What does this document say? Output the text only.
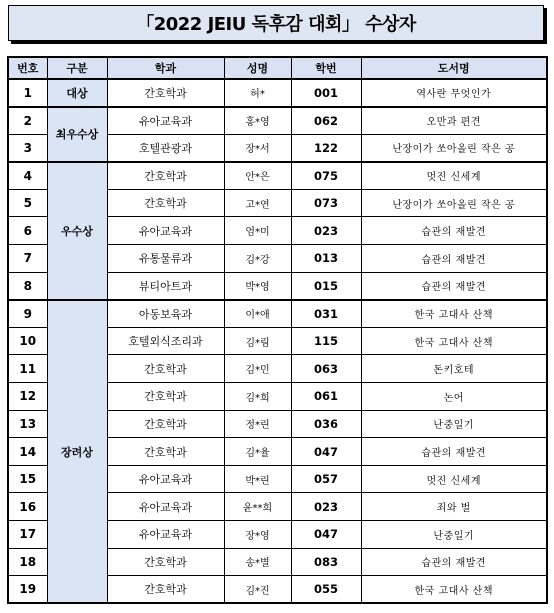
「2022 JEIU 독후감 대회」 수상자
번호	구분	학과	성명	학번	도서명
1	대상	간호학과	허*	001	역사란 무엇인가
2	최우수상	유아교육과	홍*영	062	오만과 편견
3		호텔관광과	장*서	122	난장이가 쏘아올린 작은 공
4	우수상	간호학과	안*은	075	멋진 신세계
5		간호학과	고*연	073	난장이가 쏘아올린 작은 공
6		유아교육과	엄*미	023	습관의 재발견
7		유통물류과	김*강	013	습관의 재발견
8		뷰티아트과	박*영	015	습관의 재발견
9	장려상	아동보육과	이*애	031	한국 고대사 산책
10		호텔외식조리과	김*림	115	한국 고대사 산책
11		간호학과	김*민	063	돈키호테
12		간호학과	김*희	061	논어
13		간호학과	정*린	036	난중일기
14		간호학과	김*율	047	습관의 재발견
15		유아교육과	박*린	057	멋진 신세계
16		유아교육과	윤**희	023	죄와 벌
17		유아교육과	장*영	047	난중일기
18		간호학과	송*별	083	습관의 재발견
19		간호학과	김*진	055	한국 고대사 산책
